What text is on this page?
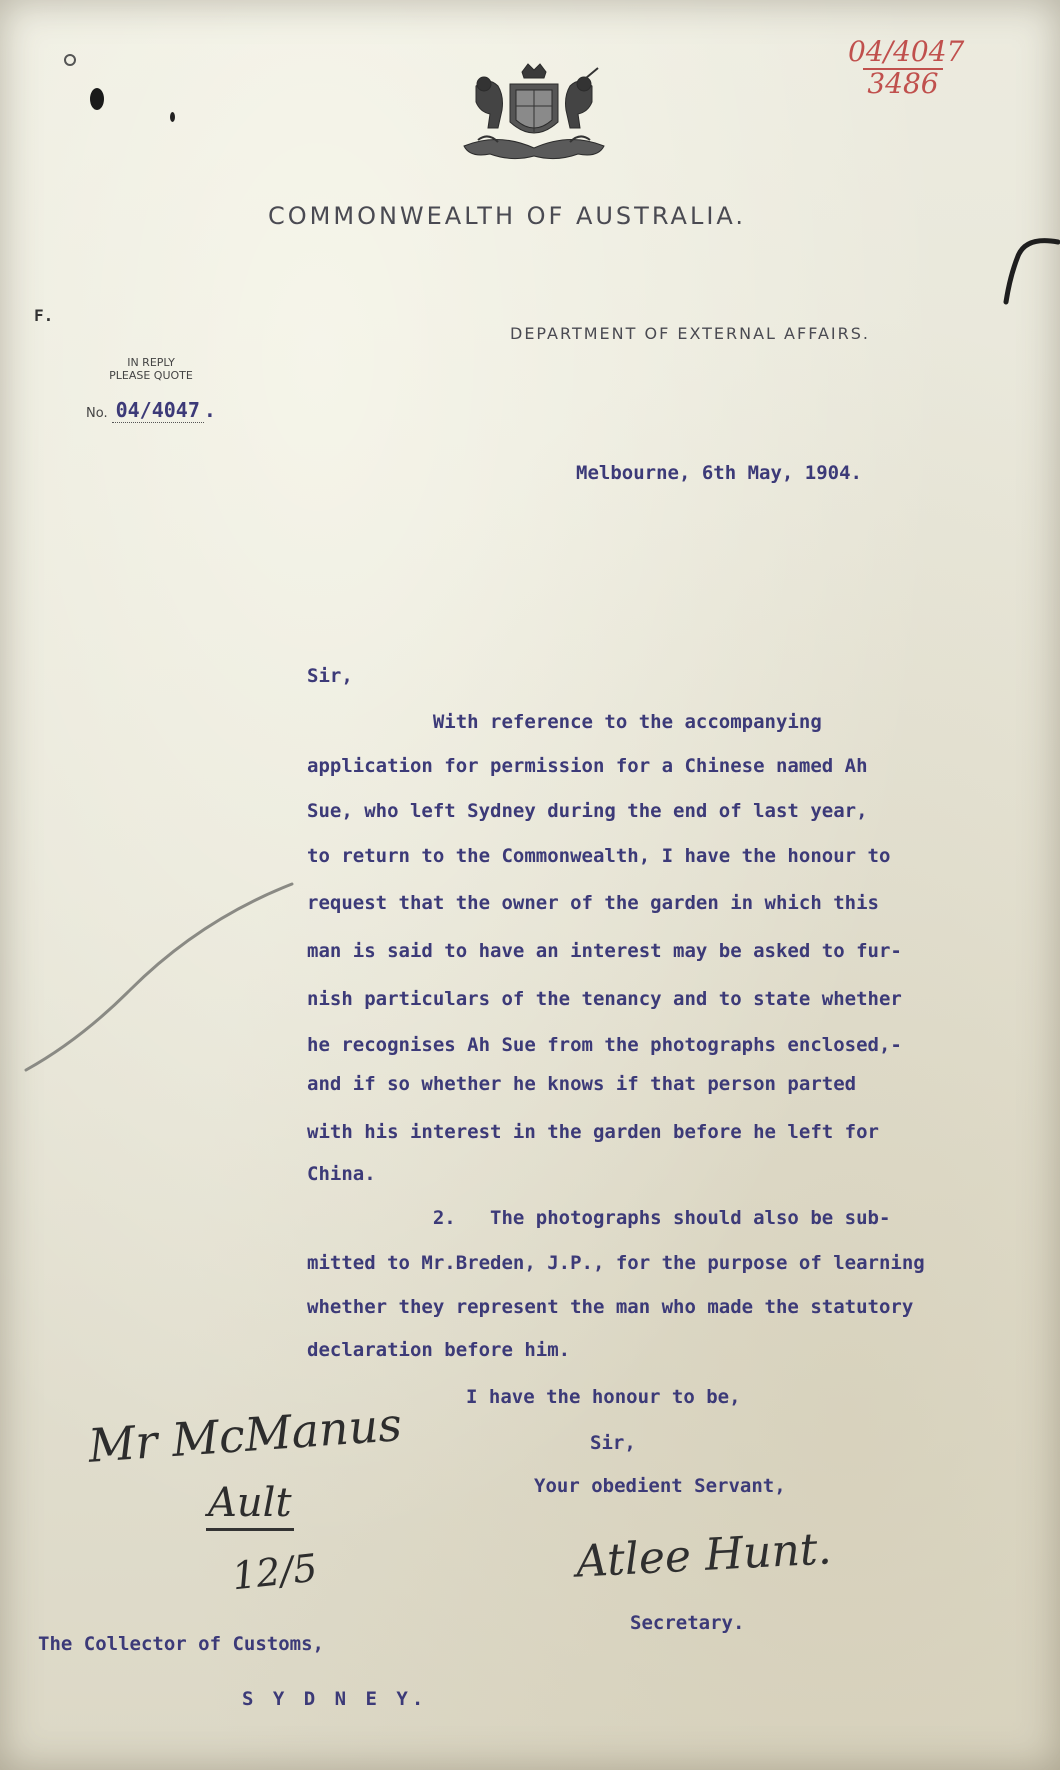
04/4047
3486
COMMONWEALTH OF AUSTRALIA.
F.
DEPARTMENT OF EXTERNAL AFFAIRS.
IN REPLY
PLEASE QUOTE
No. 04/4047 .
Melbourne, 6th May, 1904.
Sir,
With reference to the accompanying
application for permission for a Chinese named Ah
Sue, who left Sydney during the end of last year,
to return to the Commonwealth, I have the honour to
request that the owner of the garden in which this
man is said to have an interest may be asked to fur-
nish particulars of the tenancy and to state whether
he recognises Ah Sue from the photographs enclosed,-
and if so whether he knows if that person parted
with his interest in the garden before he left for
China.
2.   The photographs should also be sub-
mitted to Mr.Breden, J.P., for the purpose of learning
whether they represent the man who made the statutory
declaration before him.
I have the honour to be,
Sir,
Your obedient Servant,
Atlee Hunt.
Secretary.
Mr McManus
Ault
12/5
The Collector of Customs,
S Y D N E Y.
